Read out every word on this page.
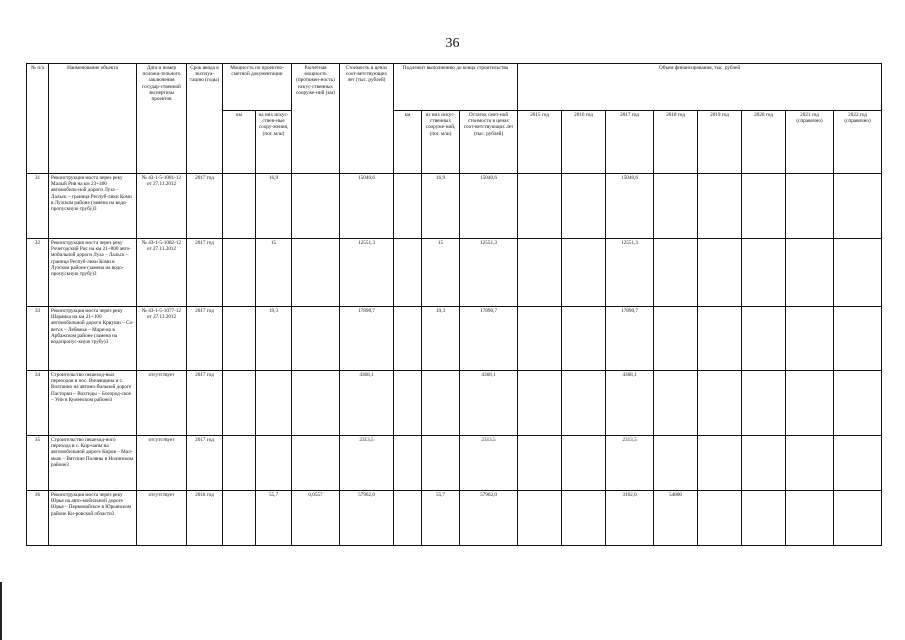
36
№ п/а	Наименование объекта	Дата и номер положи-тельного заключения государ-ственной экспертизы проектов	Срок ввода в эксплуа-тацию (годы)	Мощность по проектно-сметной документации		Расчетная мощность (протяжен-ность) искус-ственных сооруже-ний (км)	Стоимость в ценах соот-ветствующих лет (тыс. рублей)	Подлежит выполнению до конца строительства			Объем финансирования, тыс. рублей							
				км	на них искус-ствен-ные соору-жения, (пог. м/ш)			км	из них искус-ственных сооруже-ний, (пог. м/ш)	Остаток смет-ной стоимости в ценах соот-ветствующих лет (тыс. рублей)	2015 год	2016 год	2017 год	2018 год	2019 год	2020 год	2021 год (справочно)	2022 год (справочно)
31	Реконструкция моста через реку Малый Рив на км 23+400 автомобиль-ной дороги Луза – Лальск – граница Респуб-лики Коми в Лузском районе (замена на водо-пропускную трубу)3	№ 43-1-5-1081-12 от 27.11.2012	2017 год		16,9		15040,6		16,9	15040,6			15040,6					
32	Реконструкция моста через реку Рочегодский Рис на км 21+800 авто-мобильной дороги Луза – Лальск – граница Респуб-лики Коми в Лузском районе (замена на водо-пропускную трубу)3	№ 43-1-5-1082-12 от 27.11.2012	2017 год		15		12551,3		15	12551,3			12551,3					
33	Реконструкция моста через реку Шаранка на км 21+100 автомобильной дороги Криуши – Со-ветск – Лебяжье – Мари-ко в Арбажском районе (замена на водопропус-кную трубу)3	№ 43-1-5-1077-12 от 27.11.2012	2017 год		19,3		17890,7		19,3	17890,7			17890,7					
34	Строительство пешеход-ных переходов в пос. Вичевщина и с. Волгаино на автомо-бильной дороге Пасторки – Вохтиды – Богород-ское – Уни в Куменском районе3	отсутствует	2017 год				4368,1			4368,1			4368,1					
35	Строительство пешеход-ного перехода в с. Кир-чапы на автомобильной дороге Киров – Мал-мыж – Вятские Поляны в Нолинском районе3	отсутствует	2017 год				2313,5			2313,5			2313,5					
36	Реконструкция моста через реку Юрья на авто-мобильной дороге Юрья – Первомайское в Юрьянском районе Ки-ровской области3	отсутствует	2018 год		55,7	0,0557	57962,0		55,7	57962,0			3162,0	54800				
